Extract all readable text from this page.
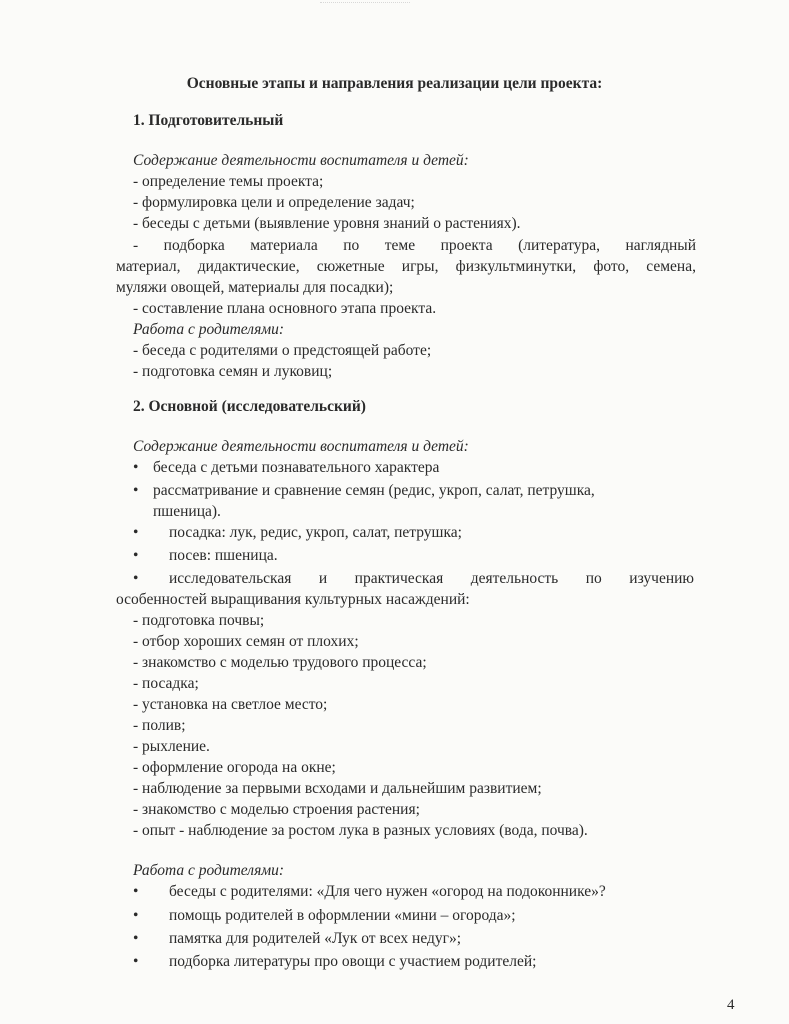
Основные этапы и направления реализации цели проекта:
1. Подготовительный
Содержание деятельности воспитателя и детей:
- определение темы проекта;
- формулировка цели и определение задач;
- беседы с детьми (выявление уровня знаний о растениях).
- подборка материала по теме проекта (литература, наглядный
материал, дидактические, сюжетные игры, физкультминутки, фото, семена,
муляжи овощей, материалы для посадки);
- составление плана основного этапа проекта.
Работа с родителями:
- беседа с родителями о предстоящей работе;
- подготовка семян и луковиц;
2. Основной (исследовательский)
Содержание деятельности воспитателя и детей:
• беседа с детьми познавательного характера
• рассматривание и сравнение семян (редис, укроп, салат, петрушка,
пшеница).
• посадка: лук, редис, укроп, салат, петрушка;
• посев: пшеница.
• исследовательская и практическая деятельность по изучению
особенностей выращивания культурных насаждений:
- подготовка почвы;
- отбор хороших семян от плохих;
- знакомство с моделью трудового процесса;
- посадка;
- установка на светлое место;
- полив;
- рыхление.
- оформление огорода на окне;
- наблюдение за первыми всходами и дальнейшим развитием;
- знакомство с моделью строения растения;
- опыт - наблюдение за ростом лука в разных условиях (вода, почва).
Работа с родителями:
• беседы с родителями: «Для чего нужен «огород на подоконнике»?
• помощь родителей в оформлении «мини – огорода»;
• памятка для родителей «Лук от всех недуг»;
• подборка литературы про овощи с участием родителей;
4
